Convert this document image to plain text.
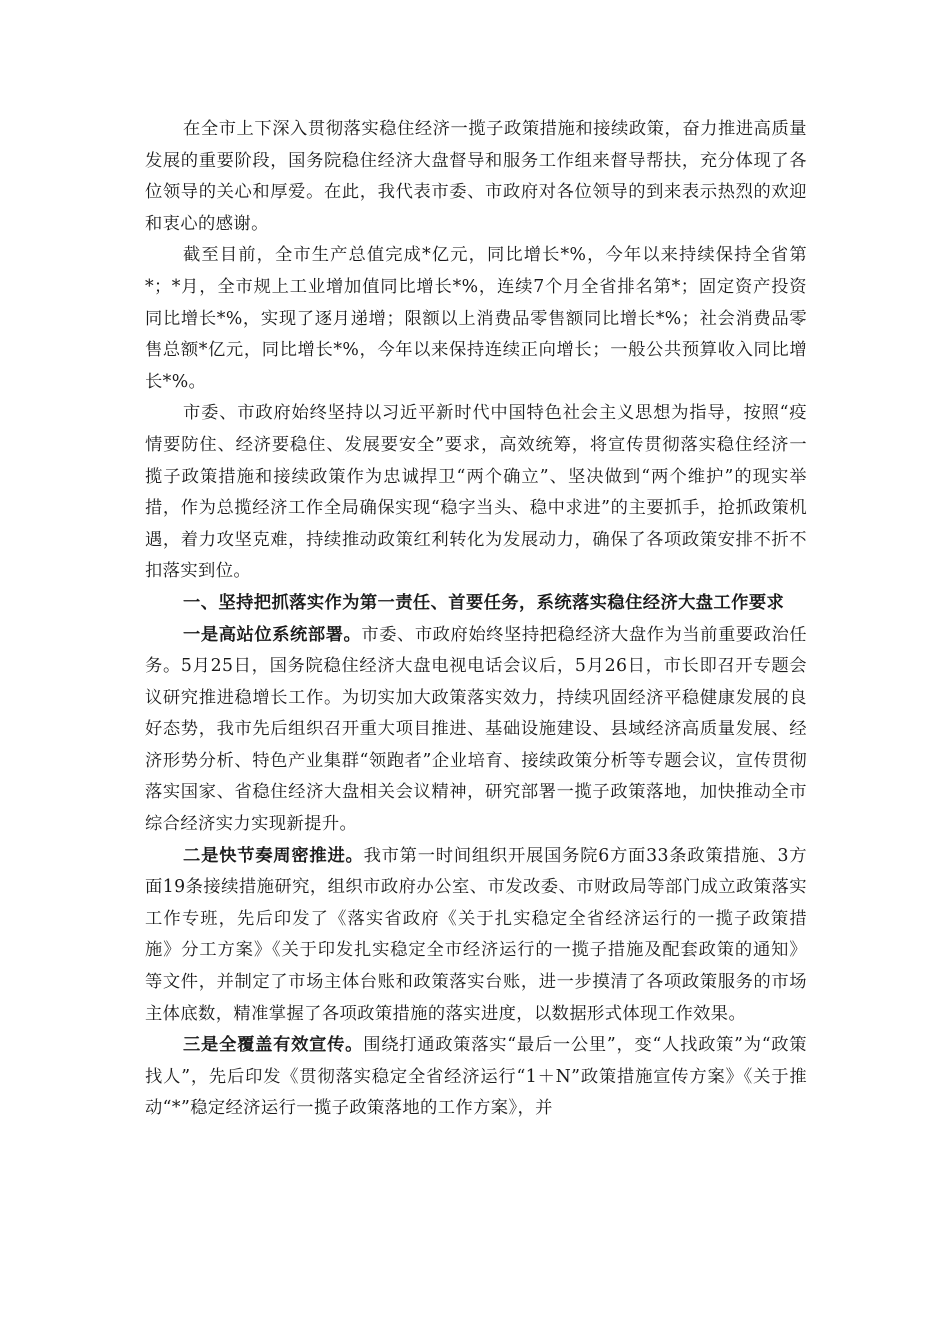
在全市上下深入贯彻落实稳住经济一揽子政策措施和接续政策，奋力推进高质量发展的重要阶段，国务院稳住经济大盘督导和服务工作组来督导帮扶，充分体现了各位领导的关心和厚爱。在此，我代表市委、市政府对各位领导的到来表示热烈的欢迎和衷心的感谢。

截至目前，全市生产总值完成*亿元，同比增长*%，今年以来持续保持全省第*；*月，全市规上工业增加值同比增长*%，连续7个月全省排名第*；固定资产投资同比增长*%，实现了逐月递增；限额以上消费品零售额同比增长*%；社会消费品零售总额*亿元，同比增长*%，今年以来保持连续正向增长；一般公共预算收入同比增长*%。

市委、市政府始终坚持以习近平新时代中国特色社会主义思想为指导，按照“疫情要防住、经济要稳住、发展要安全”要求，高效统筹，将宣传贯彻落实稳住经济一揽子政策措施和接续政策作为忠诚捍卫“两个确立”、坚决做到“两个维护”的现实举措，作为总揽经济工作全局确保实现“稳字当头、稳中求进”的主要抓手，抢抓政策机遇，着力攻坚克难，持续推动政策红利转化为发展动力，确保了各项政策安排不折不扣落实到位。

一、坚持把抓落实作为第一责任、首要任务，系统落实稳住经济大盘工作要求

一是高站位系统部署。市委、市政府始终坚持把稳经济大盘作为当前重要政治任务。5月25日，国务院稳住经济大盘电视电话会议后，5月26日，市长即召开专题会议研究推进稳增长工作。为切实加大政策落实效力，持续巩固经济平稳健康发展的良好态势，我市先后组织召开重大项目推进、基础设施建设、县域经济高质量发展、经济形势分析、特色产业集群“领跑者”企业培育、接续政策分析等专题会议，宣传贯彻落实国家、省稳住经济大盘相关会议精神，研究部署一揽子政策落地，加快推动全市综合经济实力实现新提升。

二是快节奏周密推进。我市第一时间组织开展国务院6方面33条政策措施、3方面19条接续措施研究，组织市政府办公室、市发改委、市财政局等部门成立政策落实工作专班，先后印发了《落实省政府《关于扎实稳定全省经济运行的一揽子政策措施》分工方案》《关于印发扎实稳定全市经济运行的一揽子措施及配套政策的通知》等文件，并制定了市场主体台账和政策落实台账，进一步摸清了各项政策服务的市场主体底数，精准掌握了各项政策措施的落实进度，以数据形式体现工作效果。

三是全覆盖有效宣传。围绕打通政策落实“最后一公里”，变“人找政策”为“政策找人”，先后印发《贯彻落实稳定全省经济运行“1＋N”政策措施宣传方案》《关于推动“*”稳定经济运行一揽子政策落地的工作方案》，并
